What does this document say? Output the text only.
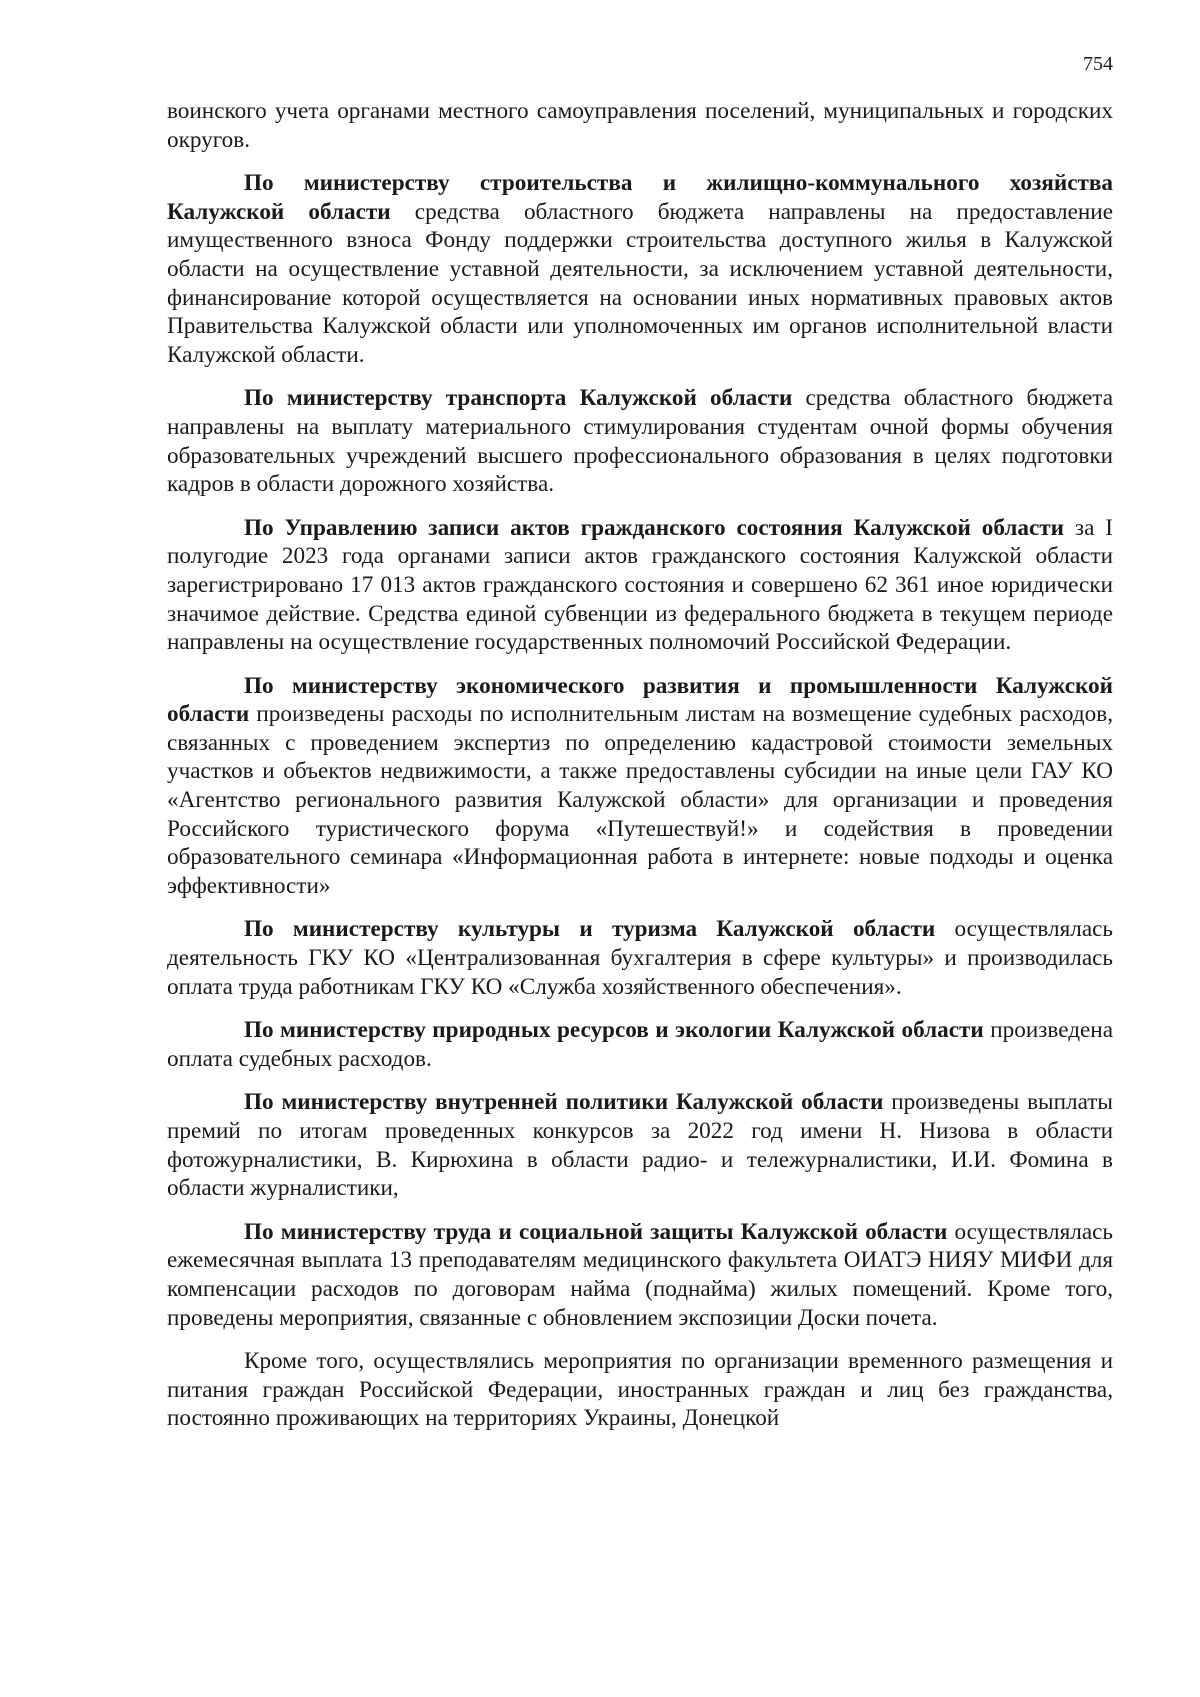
754

воинского учета органами местного самоуправления поселений, муниципальных и городских округов.

По министерству строительства и жилищно-коммунального хозяйства Калужской области средства областного бюджета направлены на предоставление имущественного взноса Фонду поддержки строительства доступного жилья в Калужской области на осуществление уставной деятельности, за исключением уставной деятельности, финансирование которой осуществляется на основании иных нормативных правовых актов Правительства Калужской области или уполномоченных им органов исполнительной власти Калужской области.

По министерству транспорта Калужской области средства областного бюджета направлены на выплату материального стимулирования студентам очной формы обучения образовательных учреждений высшего профессионального образования в целях подготовки кадров в области дорожного хозяйства.

По Управлению записи актов гражданского состояния Калужской области за I полугодие 2023 года органами записи актов гражданского состояния Калужской области зарегистрировано 17 013 актов гражданского состояния и совершено 62 361 иное юридически значимое действие. Средства единой субвенции из федерального бюджета в текущем периоде направлены на осуществление государственных полномочий Российской Федерации.

По министерству экономического развития и промышленности Калужской области произведены расходы по исполнительным листам на возмещение судебных расходов, связанных с проведением экспертиз по определению кадастровой стоимости земельных участков и объектов недвижимости, а также предоставлены субсидии на иные цели ГАУ КО «Агентство регионального развития Калужской области» для организации и проведения Российского туристического форума «Путешествуй!» и содействия в проведении образовательного семинара «Информационная работа в интернете: новые подходы и оценка эффективности»

По министерству культуры и туризма Калужской области осуществлялась деятельность ГКУ КО «Централизованная бухгалтерия в сфере культуры» и производилась оплата труда работникам ГКУ КО «Служба хозяйственного обеспечения».

По министерству природных ресурсов и экологии Калужской области произведена оплата судебных расходов.

По министерству внутренней политики Калужской области произведены выплаты премий по итогам проведенных конкурсов за 2022 год имени Н. Низова в области фотожурналистики, В. Кирюхина в области радио- и тележурналистики, И.И. Фомина в области журналистики,

По министерству труда и социальной защиты Калужской области осуществлялась ежемесячная выплата 13 преподавателям медицинского факультета ОИАТЭ НИЯУ МИФИ для компенсации расходов по договорам найма (поднайма) жилых помещений. Кроме того, проведены мероприятия, связанные с обновлением экспозиции Доски почета.

Кроме того, осуществлялись мероприятия по организации временного размещения и питания граждан Российской Федерации, иностранных граждан и лиц без гражданства, постоянно проживающих на территориях Украины, Донецкой
